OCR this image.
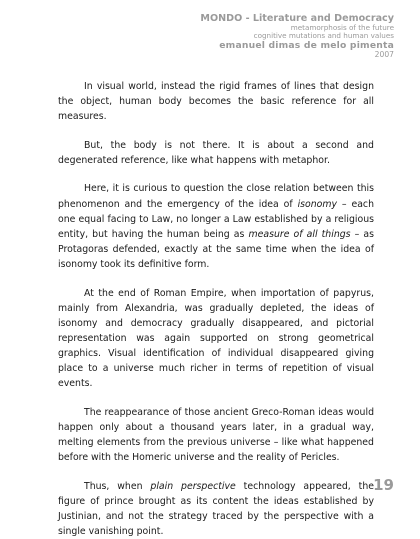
MONDO - Literature and Democracy
metamorphosis of the future
cognitive mutations and human values
emanuel dimas de melo pimenta
2007

In visual world, instead the rigid frames of lines that design the object, human body becomes the basic reference for all measures.

But, the body is not there. It is about a second and degenerated reference, like what happens with metaphor.

Here, it is curious to question the close relation between this phenomenon and the emergency of the idea of isonomy – each one equal facing to Law, no longer a Law established by a religious entity, but having the human being as measure of all things – as Protagoras defended, exactly at the same time when the idea of isonomy took its definitive form.

At the end of Roman Empire, when importation of papyrus, mainly from Alexandria, was gradually depleted, the ideas of isonomy and democracy gradually disappeared, and pictorial representation was again supported on strong geometrical graphics. Visual identification of individual disappeared giving place to a universe much richer in terms of repetition of visual events.

The reappearance of those ancient Greco-Roman ideas would happen only about a thousand years later, in a gradual way, melting elements from the previous universe – like what happened before with the Homeric universe and the reality of Pericles.

Thus, when plain perspective technology appeared, the figure of prince brought as its content the ideas established by Justinian, and not the strategy traced by the perspective with a single vanishing point.

19
